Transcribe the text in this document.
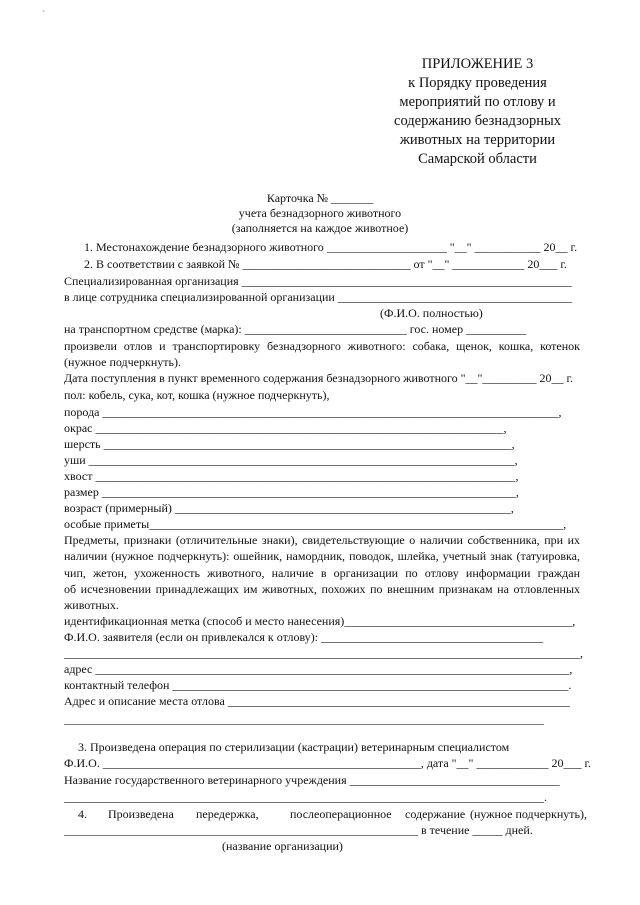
`
ПРИЛОЖЕНИЕ 3
к Порядку проведения
мероприятий по отлову и
содержанию безнадзорных
животных на территории
Самарской области
Карточка № _______
учета безнадзорного животного
(заполняется на каждое животное)
1. Местонахождение безнадзорного животного ____________________ "__" ___________ 20__ г.
2. В соответствии с заявкой № ____________________________ от "__" ____________ 20___ г.
Специализированная организация _______________________________________________________
в лице сотрудника специализированной организации _______________________________________
(Ф.И.О. полностью)
на транспортном средстве (марка): ___________________________ гос. номер __________
произвели отлов и транспортировку безнадзорного животного: собака, щенок, кошка, котенок
(нужное подчеркнуть).
Дата поступления в пункт временного содержания безнадзорного животного "__"_________ 20__ г.
пол: кобель, сука, кот, кошка (нужное подчеркнуть),
порода ____________________________________________________________________________,
окрас ____________________________________________________________________,
шерсть ____________________________________________________________________,
уши _______________________________________________________________________,
хвост ______________________________________________________________________,
размер _____________________________________________________________________,
возраст (примерный) ________________________________________________________,
особые приметы_____________________________________________________________________,
Предметы, признаки (отличительные знаки), свидетельствующие о наличии собственника, при их
наличии (нужное подчеркнуть): ошейник, намордник, поводок, шлейка, учетный знак (татуировка,
чип, жетон, ухоженность животного, наличие в организации по отлову информации граждан
об исчезновении принадлежащих им животных, похожих по внешним признакам на отловленных
животных.
идентификационная метка (способ и место нанесения)______________________________________,
Ф.И.О. заявителя (если он привлекался к отлову): _____________________________________
______________________________________________________________________________________,
адрес _______________________________________________________________________________,
контактный телефон __________________________________________________________________.
Адрес и описание места отлова _________________________________________________________
________________________________________________________________________________
3. Произведена операция по стерилизации (кастрации) ветеринарным специалистом
Ф.И.О. _____________________________________________________, дата "__" ____________ 20___ г.
Название государственного ветеринарного учреждения ___________________________________
________________________________________________________________________________.
4. Произведена передержка,	послеоперационное содержание (нужное подчеркнуть),
___________________________________________________________ в течение _____ дней.
(название организации)
